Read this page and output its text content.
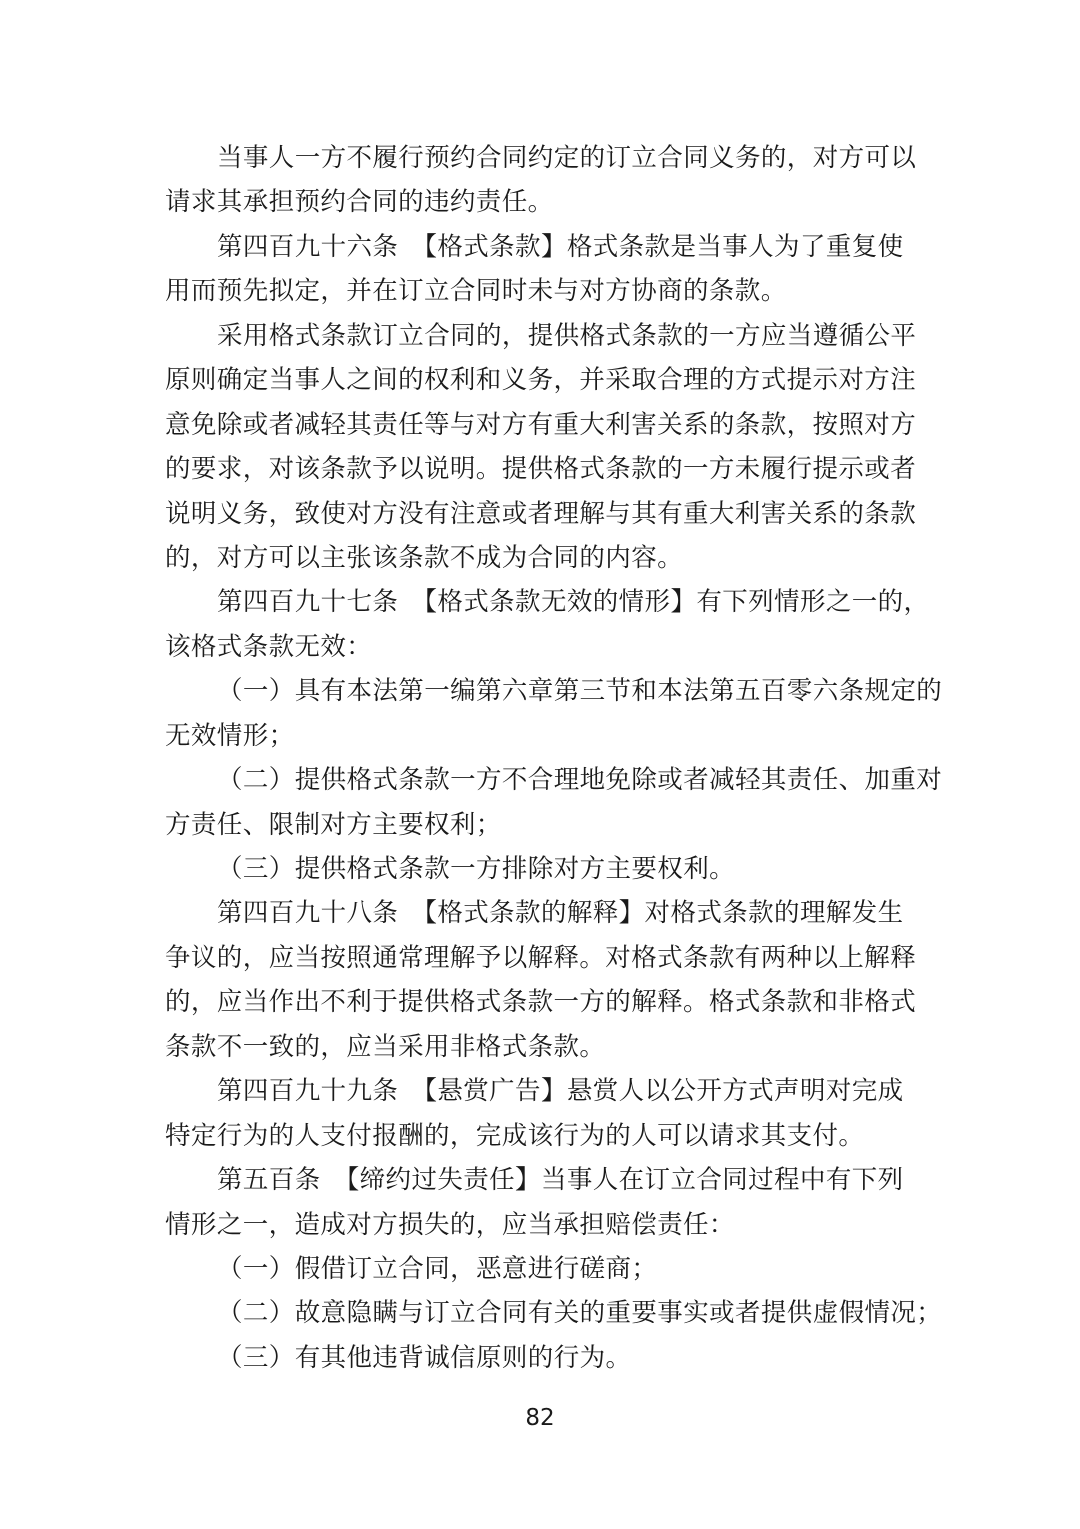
当事人一方不履行预约合同约定的订立合同义务的，对方可以
请求其承担预约合同的违约责任。
第四百九十六条　【格式条款】格式条款是当事人为了重复使
用而预先拟定，并在订立合同时未与对方协商的条款。
采用格式条款订立合同的，提供格式条款的一方应当遵循公平
原则确定当事人之间的权利和义务，并采取合理的方式提示对方注
意免除或者减轻其责任等与对方有重大利害关系的条款，按照对方
的要求，对该条款予以说明。提供格式条款的一方未履行提示或者
说明义务，致使对方没有注意或者理解与其有重大利害关系的条款
的，对方可以主张该条款不成为合同的内容。
第四百九十七条　【格式条款无效的情形】有下列情形之一的，
该格式条款无效：
（一）具有本法第一编第六章第三节和本法第五百零六条规定的
无效情形；
（二）提供格式条款一方不合理地免除或者减轻其责任、加重对
方责任、限制对方主要权利；
（三）提供格式条款一方排除对方主要权利。
第四百九十八条　【格式条款的解释】对格式条款的理解发生
争议的，应当按照通常理解予以解释。对格式条款有两种以上解释
的，应当作出不利于提供格式条款一方的解释。格式条款和非格式
条款不一致的，应当采用非格式条款。
第四百九十九条　【悬赏广告】悬赏人以公开方式声明对完成
特定行为的人支付报酬的，完成该行为的人可以请求其支付。
第五百条　【缔约过失责任】当事人在订立合同过程中有下列
情形之一，造成对方损失的，应当承担赔偿责任：
（一）假借订立合同，恶意进行磋商；
（二）故意隐瞒与订立合同有关的重要事实或者提供虚假情况；
（三）有其他违背诚信原则的行为。
82
